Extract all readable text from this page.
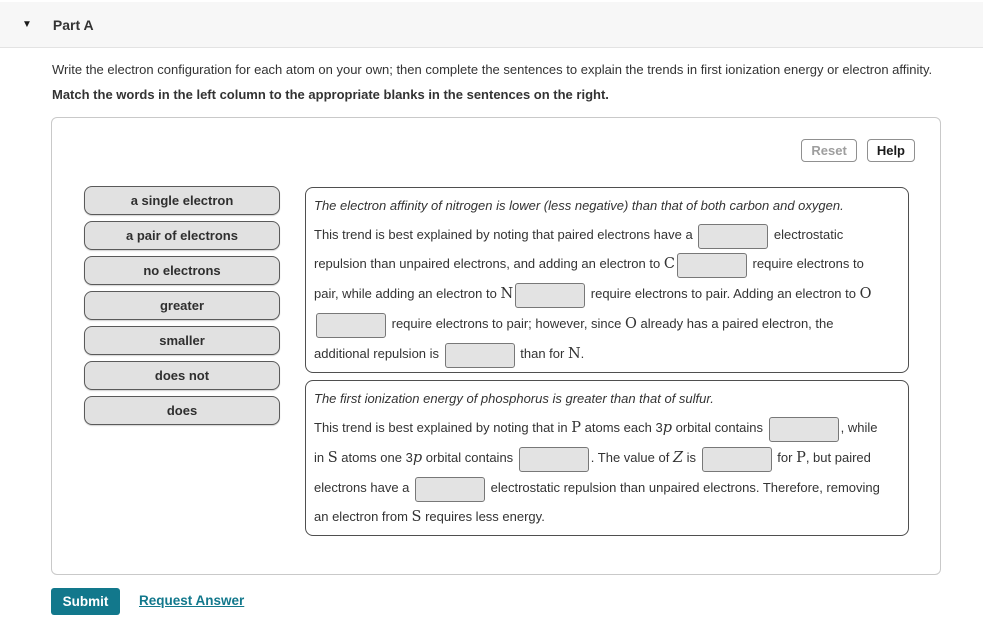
▼ Part A
Write the electron configuration for each atom on your own; then complete the sentences to explain the trends in first ionization energy or electron affinity.
Match the words in the left column to the appropriate blanks in the sentences on the right.
Reset	Help
a single electron
a pair of electrons
no electrons
greater
smaller
does not
does
The electron affinity of nitrogen is lower (less negative) than that of both carbon and oxygen.
This trend is best explained by noting that paired electrons have a	electrostatic
repulsion than unpaired electrons, and adding an electron to C	require electrons to
pair, while adding an electron to N	require electrons to pair. Adding an electron to O
require electrons to pair; however, since O already has a paired electron, the
additional repulsion is	than for N.
The first ionization energy of phosphorus is greater than that of sulfur.
This trend is best explained by noting that in P atoms each 3p orbital contains	, while
in S atoms one 3p orbital contains	. The value of Z is	for P, but paired
electrons have a	electrostatic repulsion than unpaired electrons. Therefore, removing
an electron from S requires less energy.
Submit	Request Answer
